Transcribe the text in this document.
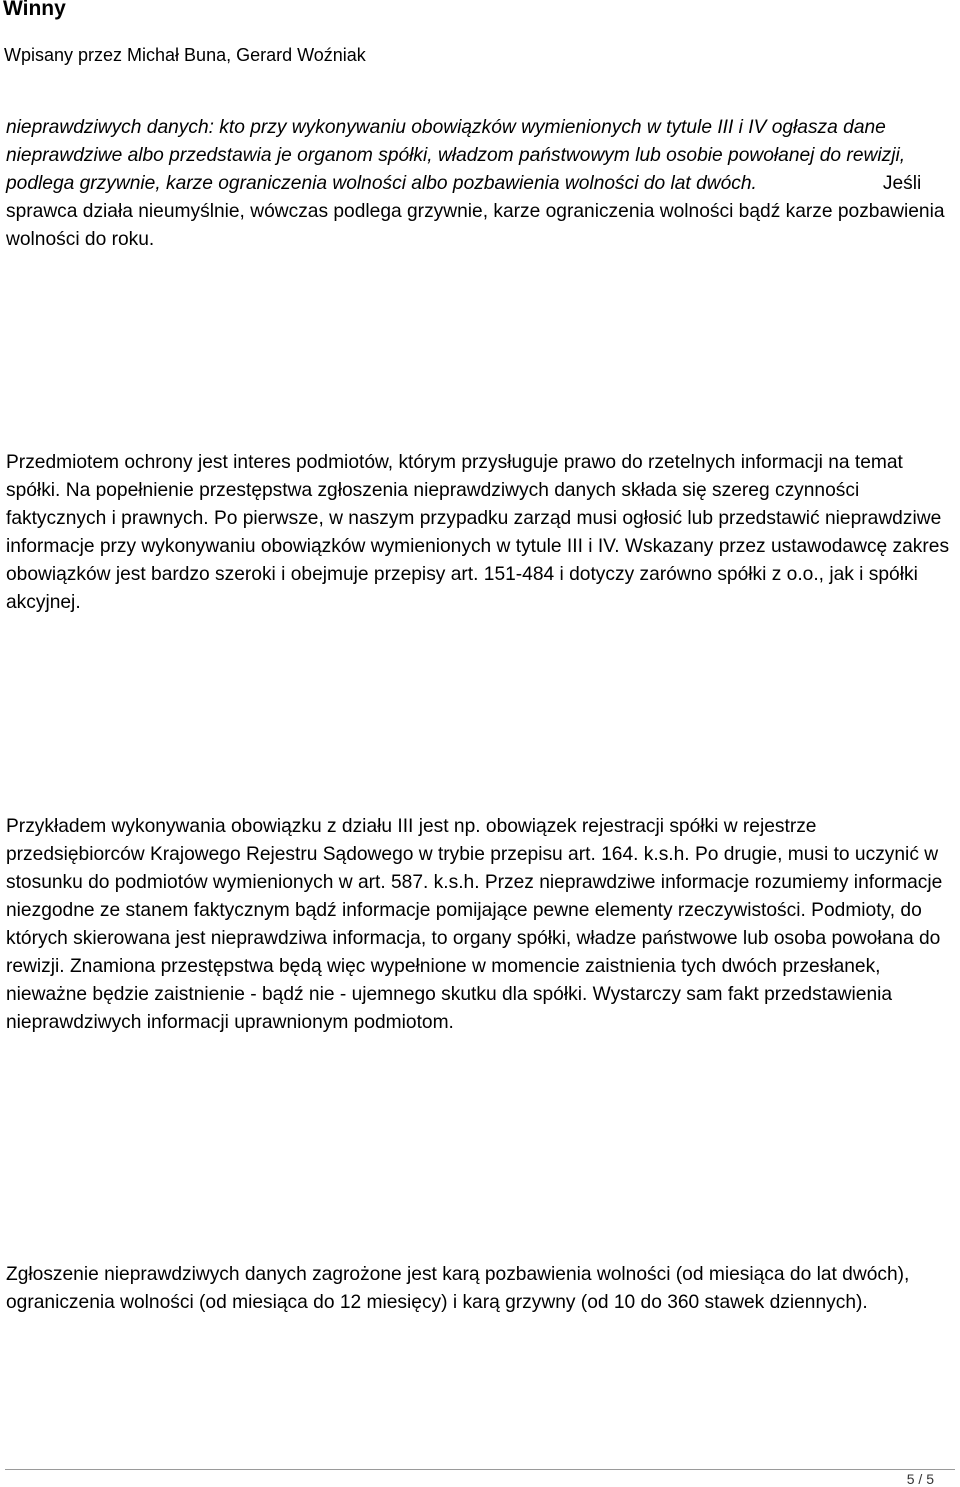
Winny
Wpisany przez Michał Buna, Gerard Woźniak

nieprawdziwych danych: kto przy wykonywaniu obowiązków wymienionych w tytule III i IV ogłasza dane nieprawdziwe albo przedstawia je organom spółki, władzom państwowym lub osobie powołanej do rewizji, podlega grzywnie, karze ograniczenia wolności albo pozbawienia wolności do lat dwóch.	Jeśli sprawca działa nieumyślnie, wówczas podlega grzywnie, karze ograniczenia wolności bądź karze pozbawienia wolności do roku.

Przedmiotem ochrony jest interes podmiotów, którym przysługuje prawo do rzetelnych informacji na temat spółki. Na popełnienie przestępstwa zgłoszenia nieprawdziwych danych składa się szereg czynności faktycznych i prawnych. Po pierwsze, w naszym przypadku zarząd musi ogłosić lub przedstawić nieprawdziwe informacje przy wykonywaniu obowiązków wymienionych w tytule III i IV. Wskazany przez ustawodawcę zakres obowiązków jest bardzo szeroki i obejmuje przepisy art. 151-484 i dotyczy zarówno spółki z o.o., jak i spółki akcyjnej.

Przykładem wykonywania obowiązku z działu III jest np. obowiązek rejestracji spółki w rejestrze przedsiębiorców Krajowego Rejestru Sądowego w trybie przepisu art. 164. k.s.h. Po drugie, musi to uczynić w stosunku do podmiotów wymienionych w art. 587. k.s.h. Przez nieprawdziwe informacje rozumiemy informacje niezgodne ze stanem faktycznym bądź informacje pomijające pewne elementy rzeczywistości. Podmioty, do których skierowana jest nieprawdziwa informacja, to organy spółki, władze państwowe lub osoba powołana do rewizji. Znamiona przestępstwa będą więc wypełnione w momencie zaistnienia tych dwóch przesłanek, nieważne będzie zaistnienie - bądź nie - ujemnego skutku dla spółki. Wystarczy sam fakt przedstawienia nieprawdziwych informacji uprawnionym podmiotom.

Zgłoszenie nieprawdziwych danych zagrożone jest karą pozbawienia wolności (od miesiąca do lat dwóch), ograniczenia wolności (od miesiąca do 12 miesięcy) i karą grzywny (od 10 do 360 stawek dziennych).

5 / 5
